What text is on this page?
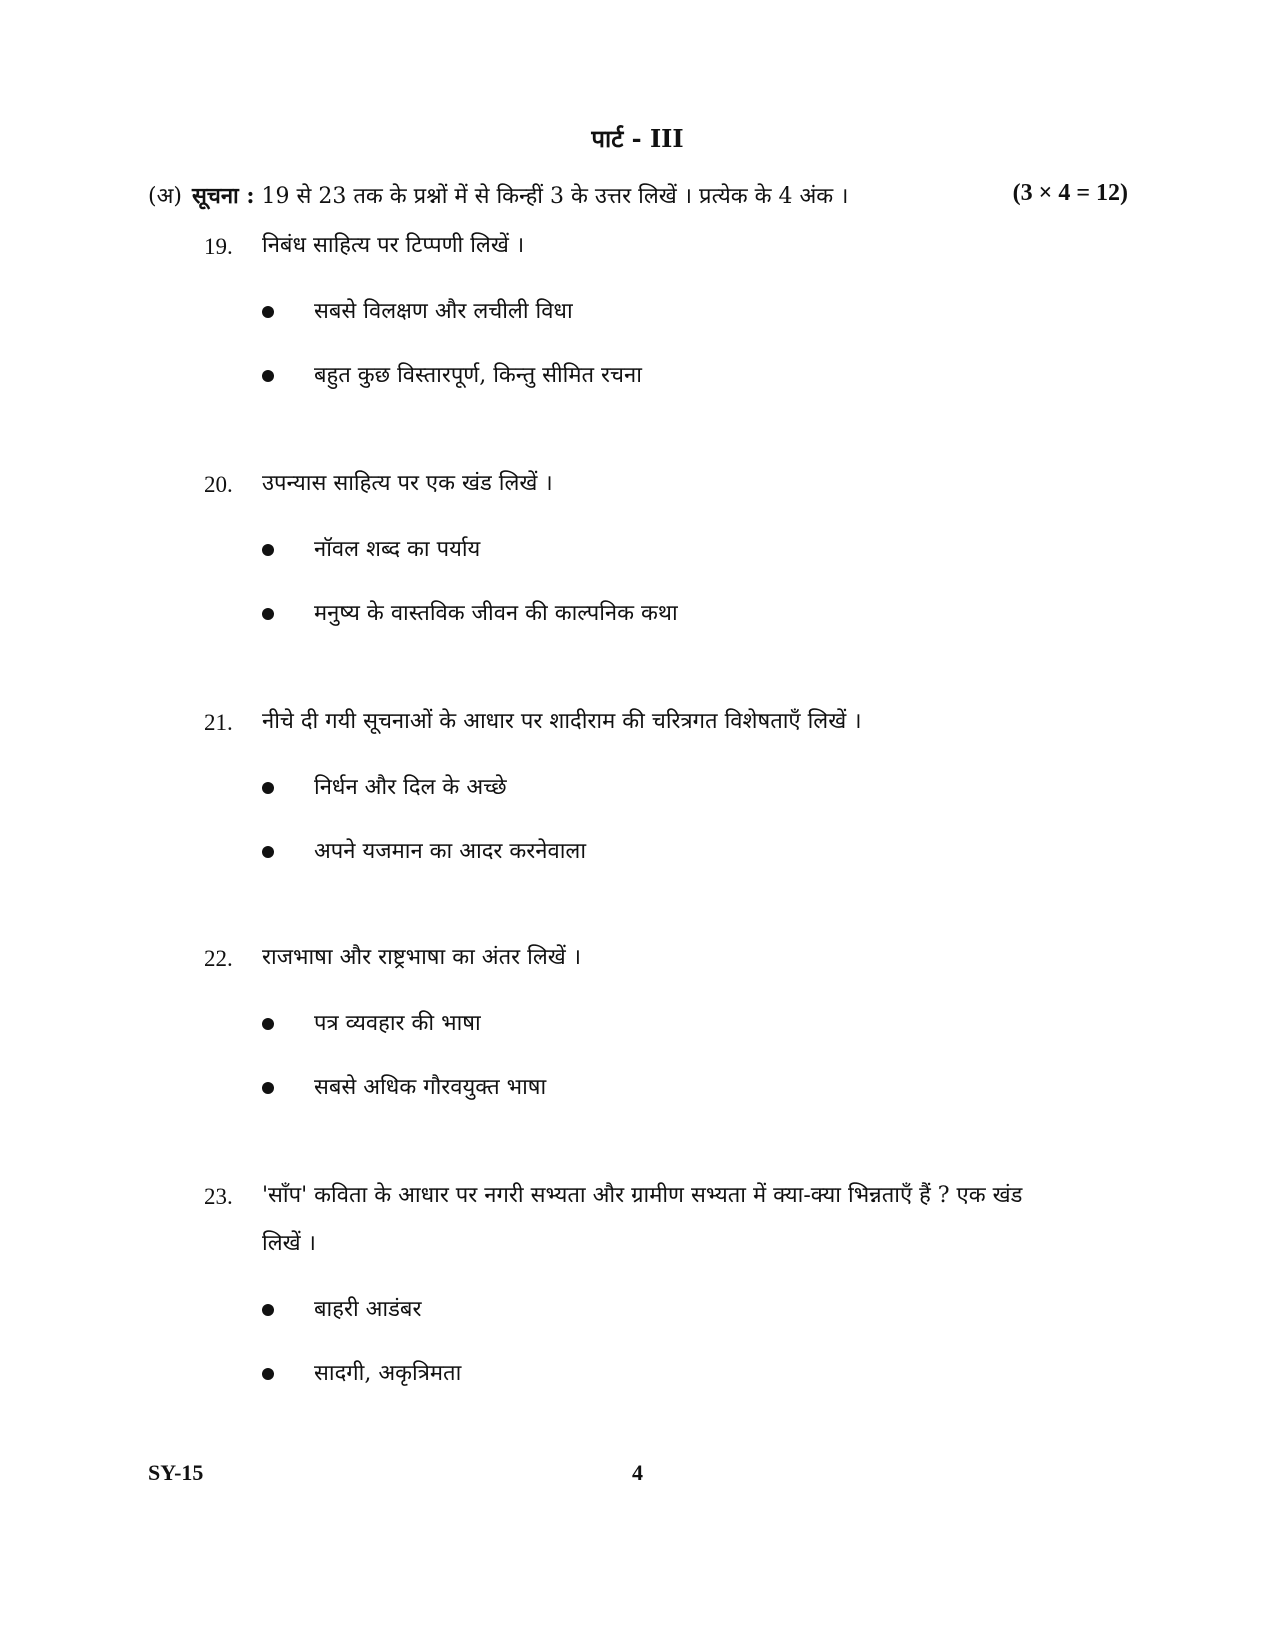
पार्ट - III
(अ) सूचना : 19 से 23 तक के प्रश्नों में से किन्हीं 3 के उत्तर लिखें । प्रत्येक के 4 अंक ।	(3 × 4 = 12)
19. निबंध साहित्य पर टिप्पणी लिखें ।
सबसे विलक्षण और लचीली विधा
बहुत कुछ विस्तारपूर्ण, किन्तु सीमित रचना
20. उपन्यास साहित्य पर एक खंड लिखें ।
नॉवल शब्द का पर्याय
मनुष्य के वास्तविक जीवन की काल्पनिक कथा
21. नीचे दी गयी सूचनाओं के आधार पर शादीराम की चरित्रगत विशेषताएँ लिखें ।
निर्धन और दिल के अच्छे
अपने यजमान का आदर करनेवाला
22. राजभाषा और राष्ट्रभाषा का अंतर लिखें ।
पत्र व्यवहार की भाषा
सबसे अधिक गौरवयुक्त भाषा
23. 'साँप' कविता के आधार पर नगरी सभ्यता और ग्रामीण सभ्यता में क्या-क्या भिन्नताएँ हैं ? एक खंड लिखें ।
बाहरी आडंबर
सादगी, अकृत्रिमता
SY-15	4
